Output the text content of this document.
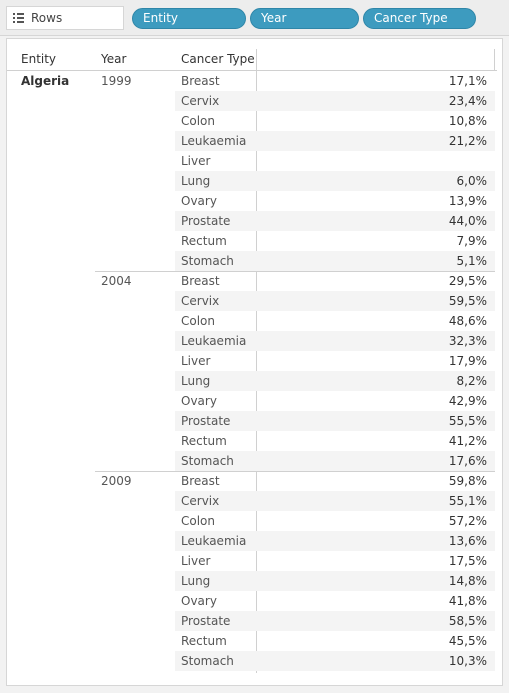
Rows	Entity	Year	Cancer Type
Entity	Year	Cancer Type
Algeria	1999	Breast	17,1%
Cervix	23,4%
Colon	10,8%
Leukaemia	21,2%
Liver
Lung	6,0%
Ovary	13,9%
Prostate	44,0%
Rectum	7,9%
Stomach	5,1%
2004	Breast	29,5%
Cervix	59,5%
Colon	48,6%
Leukaemia	32,3%
Liver	17,9%
Lung	8,2%
Ovary	42,9%
Prostate	55,5%
Rectum	41,2%
Stomach	17,6%
2009	Breast	59,8%
Cervix	55,1%
Colon	57,2%
Leukaemia	13,6%
Liver	17,5%
Lung	14,8%
Ovary	41,8%
Prostate	58,5%
Rectum	45,5%
Stomach	10,3%
